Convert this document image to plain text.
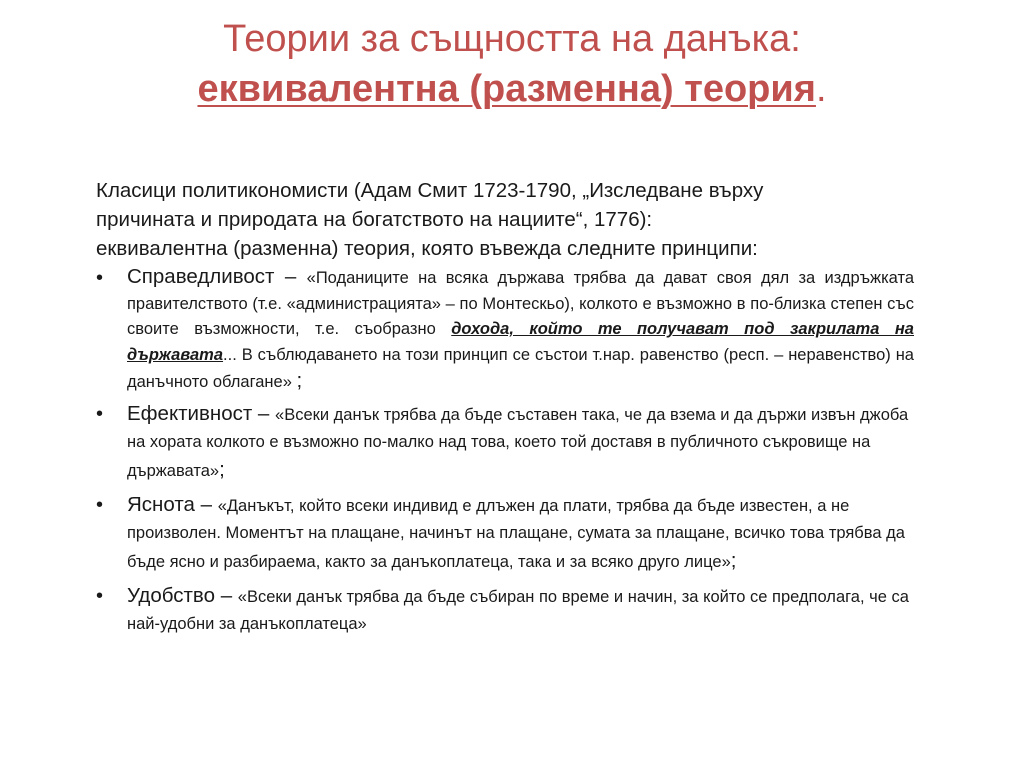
Теории за същността на данъка:
еквивалентна (разменна) теория.

Класици политикономисти (Адам Смит 1723-1790, „Изследване върху
причината и природата на богатството на нациите“, 1776):
еквивалентна (разменна) теория, която въвежда следните принципи:

• Справедливост – «Поданиците на всяка държава трябва да дават своя дял за издръжката правителството (т.е. «администрацията» – по Монтескьо), колкото е възможно в по-близка степен със своите възможности, т.е. съобразно дохода, който те получават под закрилата на държавата... В съблюдаването на този принцип се състои т.нар. равенство (респ. – неравенство) на данъчното облагане» ;
• Ефективност – «Всеки данък трябва да бъде съставен така, че да взема и да държи извън джоба на хората колкото е възможно по-малко над това, което той доставя в публичното съкровище на държавата»;
• Яснота – «Данъкът, който всеки индивид е длъжен да плати, трябва да бъде известен, а не произволен. Моментът на плащане, начинът на плащане, сумата за плащане, всичко това трябва да бъде ясно и разбираема, както за данъкоплатеца, така и за всяко друго лице»;
• Удобство – «Всеки данък трябва да бъде събиран по време и начин, за който се предполага, че са най-удобни за данъкоплатеца»
